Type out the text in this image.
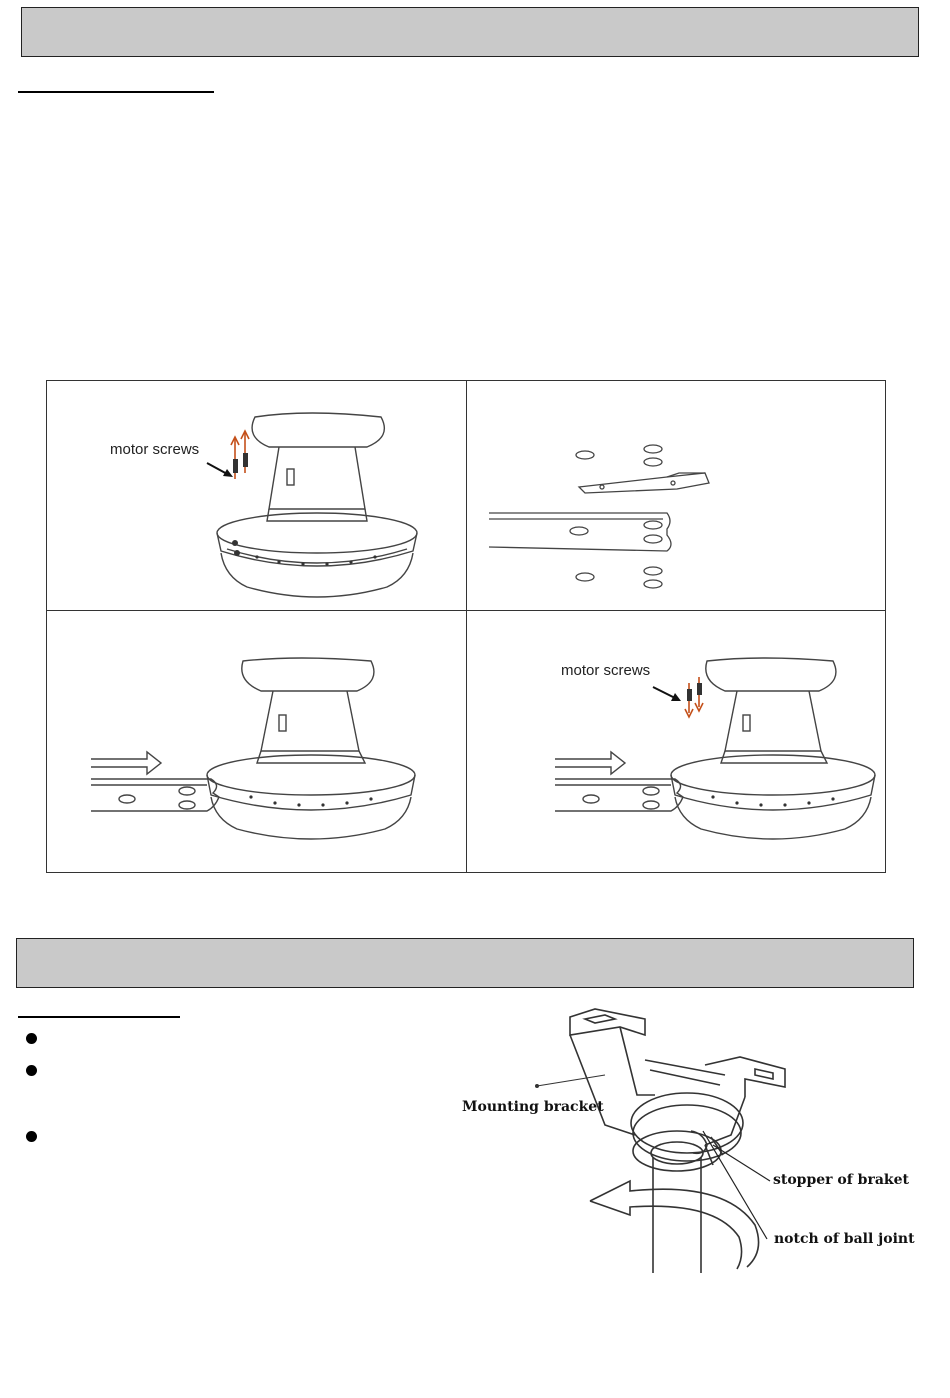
motor screws
motor screws
Mounting bracket
stopper of braket
notch of ball joint
